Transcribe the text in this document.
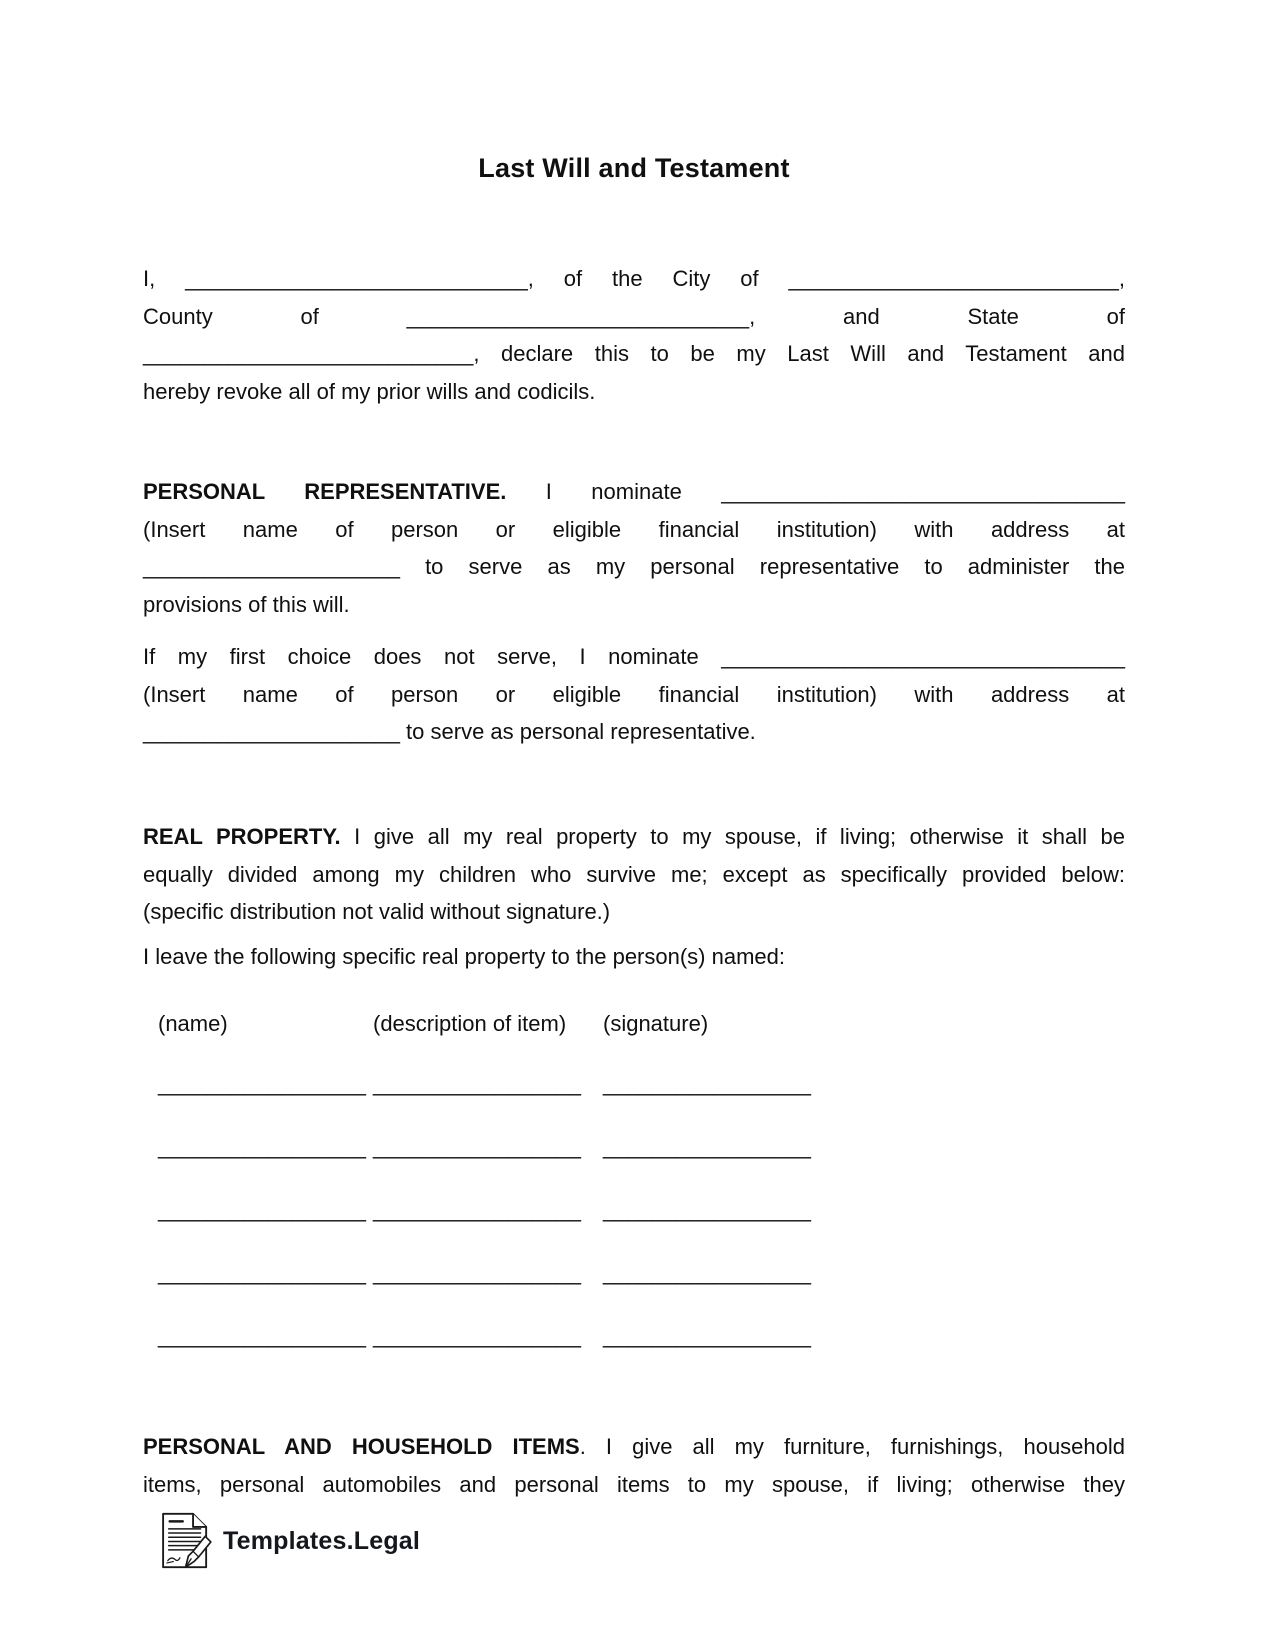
Last Will and Testament
I, ____________________________, of the City of ___________________________,
County of ____________________________, and State of
___________________________, declare this to be my Last Will and Testament and
hereby revoke all of my prior wills and codicils.
PERSONAL REPRESENTATIVE. I nominate _________________________________
(Insert name of person or eligible financial institution) with address at
_____________________ to serve as my personal representative to administer the
provisions of this will.
If my first choice does not serve, I nominate _________________________________
(Insert name of person or eligible financial institution) with address at
_____________________ to serve as personal representative.
REAL PROPERTY. I give all my real property to my spouse, if living; otherwise it shall be
equally divided among my children who survive me; except as specifically provided below:
(specific distribution not valid without signature.)
I leave the following specific real property to the person(s) named:
(name)	(description of item) (signature)
_________________ _________________ _________________
_________________ _________________ _________________
_________________ _________________ _________________
_________________ _________________ _________________
_________________ _________________ _________________
PERSONAL AND HOUSEHOLD ITEMS. I give all my furniture, furnishings, household
items, personal automobiles and personal items to my spouse, if living; otherwise they
Templates.Legal
